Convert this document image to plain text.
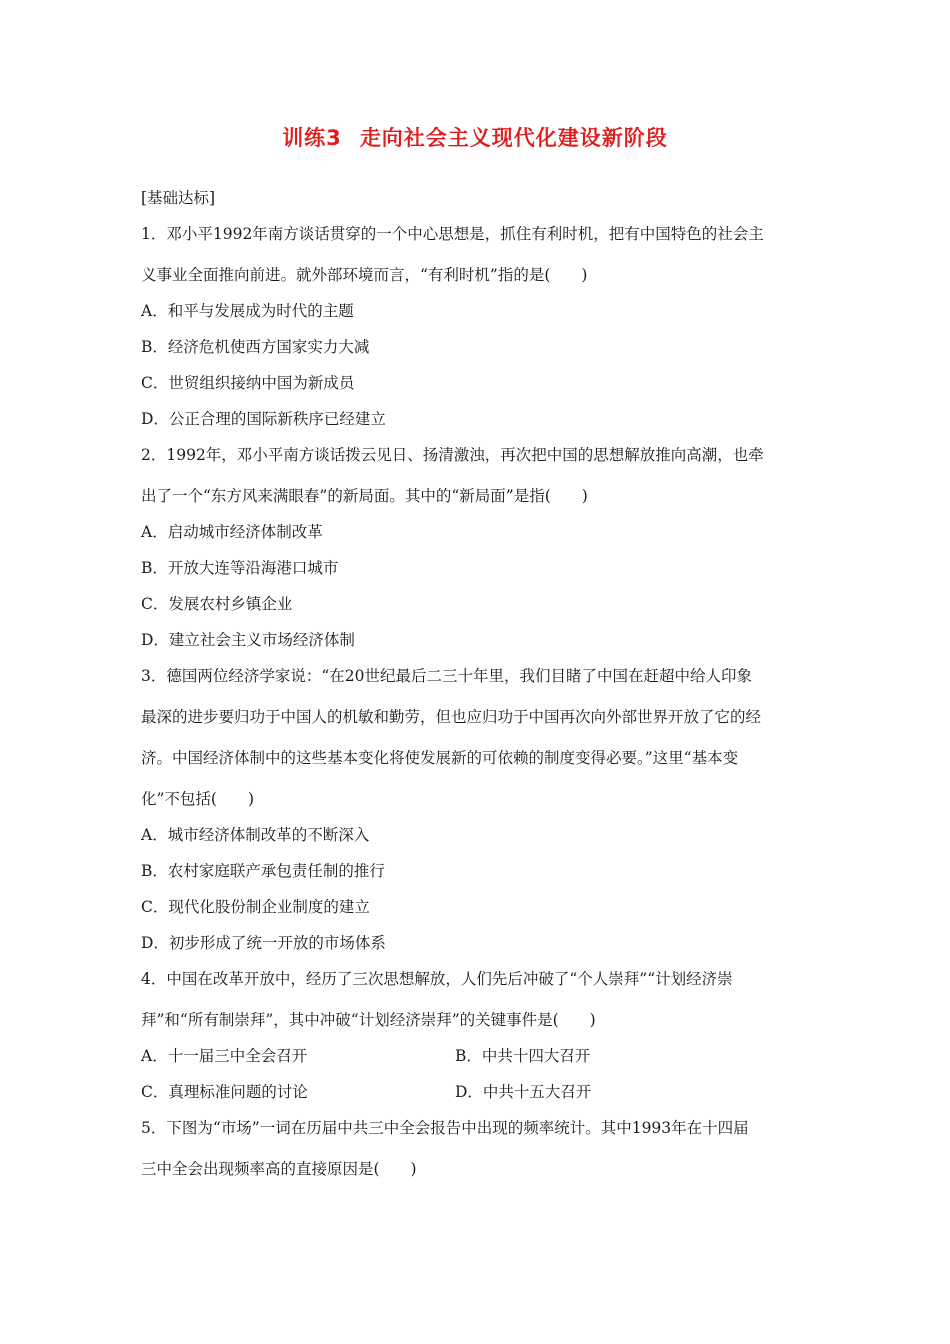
训练3 走向社会主义现代化建设新阶段
[基础达标]
1．邓小平1992年南方谈话贯穿的一个中心思想是，抓住有利时机，把有中国特色的社会主
义事业全面推向前进。就外部环境而言，“有利时机”指的是(　　)
A．和平与发展成为时代的主题
B．经济危机使西方国家实力大减
C．世贸组织接纳中国为新成员
D．公正合理的国际新秩序已经建立
2．1992年，邓小平南方谈话拨云见日、扬清激浊，再次把中国的思想解放推向高潮，也牵
出了一个“东方风来满眼春”的新局面。其中的“新局面”是指(　　)
A．启动城市经济体制改革
B．开放大连等沿海港口城市
C．发展农村乡镇企业
D．建立社会主义市场经济体制
3．德国两位经济学家说：“在20世纪最后二三十年里，我们目睹了中国在赶超中给人印象
最深的进步要归功于中国人的机敏和勤劳，但也应归功于中国再次向外部世界开放了它的经
济。中国经济体制中的这些基本变化将使发展新的可依赖的制度变得必要。”这里“基本变
化”不包括(　　)
A．城市经济体制改革的不断深入
B．农村家庭联产承包责任制的推行
C．现代化股份制企业制度的建立
D．初步形成了统一开放的市场体系
4．中国在改革开放中，经历了三次思想解放，人们先后冲破了“个人崇拜”“计划经济崇
拜”和“所有制崇拜”，其中冲破“计划经济崇拜”的关键事件是(　　)
A．十一届三中全会召开	B．中共十四大召开
C．真理标准问题的讨论	D．中共十五大召开
5．下图为“市场”一词在历届中共三中全会报告中出现的频率统计。其中1993年在十四届
三中全会出现频率高的直接原因是(　　)
